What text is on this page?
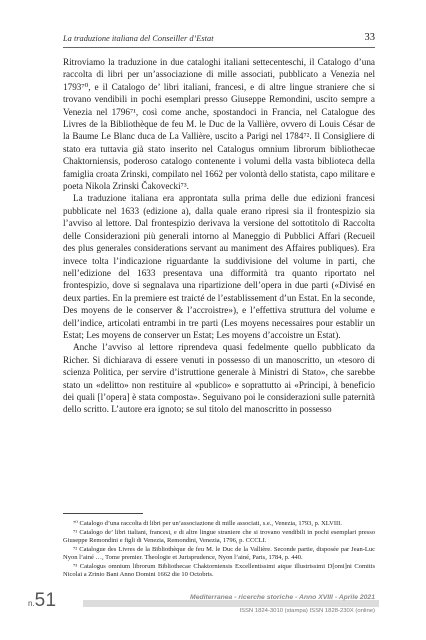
La traduzione italiana del Conseiller d’Estat	33

Ritroviamo la traduzione in due cataloghi italiani settecenteschi, il Catalogo d’una raccolta di libri per un’associazione di mille associati, pubblicato a Venezia nel 1793⁷⁰, e il Catalogo de’ libri italiani, francesi, e di altre lingue straniere che si trovano vendibili in pochi esemplari presso Giuseppe Remondini, uscito sempre a Venezia nel 1796⁷¹, così come anche, spostandoci in Francia, nel Catalogue des Livres de la Bibliothèque de feu M. le Duc de la Vallière, ovvero di Louis César de la Baume Le Blanc duca de La Vallière, uscito a Parigi nel 1784⁷². Il Consigliere di stato era tuttavia già stato inserito nel Catalogus omnium librorum bibliothecae Chaktorniensis, poderoso catalogo contenente i volumi della vasta biblioteca della famiglia croata Zrinski, compilato nel 1662 per volontà dello statista, capo militare e poeta Nikola Zrinski Čakovecki⁷³.

La traduzione italiana era approntata sulla prima delle due edizioni francesi pubblicate nel 1633 (edizione a), dalla quale erano ripresi sia il frontespizio sia l’avviso al lettore. Dal frontespizio derivava la versione del sottotitolo di Raccolta delle Considerazioni più generali intorno al Maneggio di Pubblici Affari (Recueil des plus generales considerations servant au maniment des Affaires publiques). Era invece tolta l’indicazione riguardante la suddivisione del volume in parti, che nell’edizione del 1633 presentava una difformità tra quanto riportato nel frontespizio, dove si segnalava una ripartizione dell’opera in due parti («Divisé en deux parties. En la premiere est traicté de l’establissement d’un Estat. En la seconde, Des moyens de le conserver & l’accroistre»), e l’effettiva struttura del volume e dell’indice, articolati entrambi in tre parti (Les moyens necessaires pour establir un Estat; Les moyens de conserver un Estat; Les moyens d’accoistre un Estat).

Anche l’avviso al lettore riprendeva quasi fedelmente quello pubblicato da Richer. Si dichiarava di essere venuti in possesso di un manoscritto, un «tesoro di scienza Politica, per servire d’istruttione generale à Ministri di Stato», che sarebbe stato un «delitto» non restituire al «publico» e soprattutto ai «Principi, à beneficio dei quali [l’opera] è stata composta». Seguivano poi le considerazioni sulle paternità dello scritto. L’autore era ignoto; se sul titolo del manoscritto in possesso

⁷⁰ Catalogo d’una raccolta di libri per un’associazione di mille associati, s.e., Venezia, 1793, p. XLVIII.

⁷¹ Catalogo de’ libri italiani, francesi, e di altre lingue straniere che si trovano vendibili in pochi esemplari presso Giuseppe Remondini e figli di Venezia, Remondini, Venezia, 1796, p. CCCLI.

⁷² Catalogue des Livres de la Bibliothèque de feu M. le Duc de la Vallière. Seconde partie, disposée par Jean-Luc Nyon l’ainé …, Tome premier. Theologie et Jurisprudence, Nyon l’ainé, Paris, 1784, p. 440.

⁷³ Catalogus omnium librorum Bibliothecae Chaktorniensis Excellentissimi atque illustrissimi D[omi]ni Comitis Nicolai a Zrinio Bani Anno Domini 1662 die 10 Octobris.

n.51	Mediterranea - ricerche storiche - Anno XVIII - Aprile 2021
ISSN 1824-3010 (stampa) ISSN 1828-230X (online)
